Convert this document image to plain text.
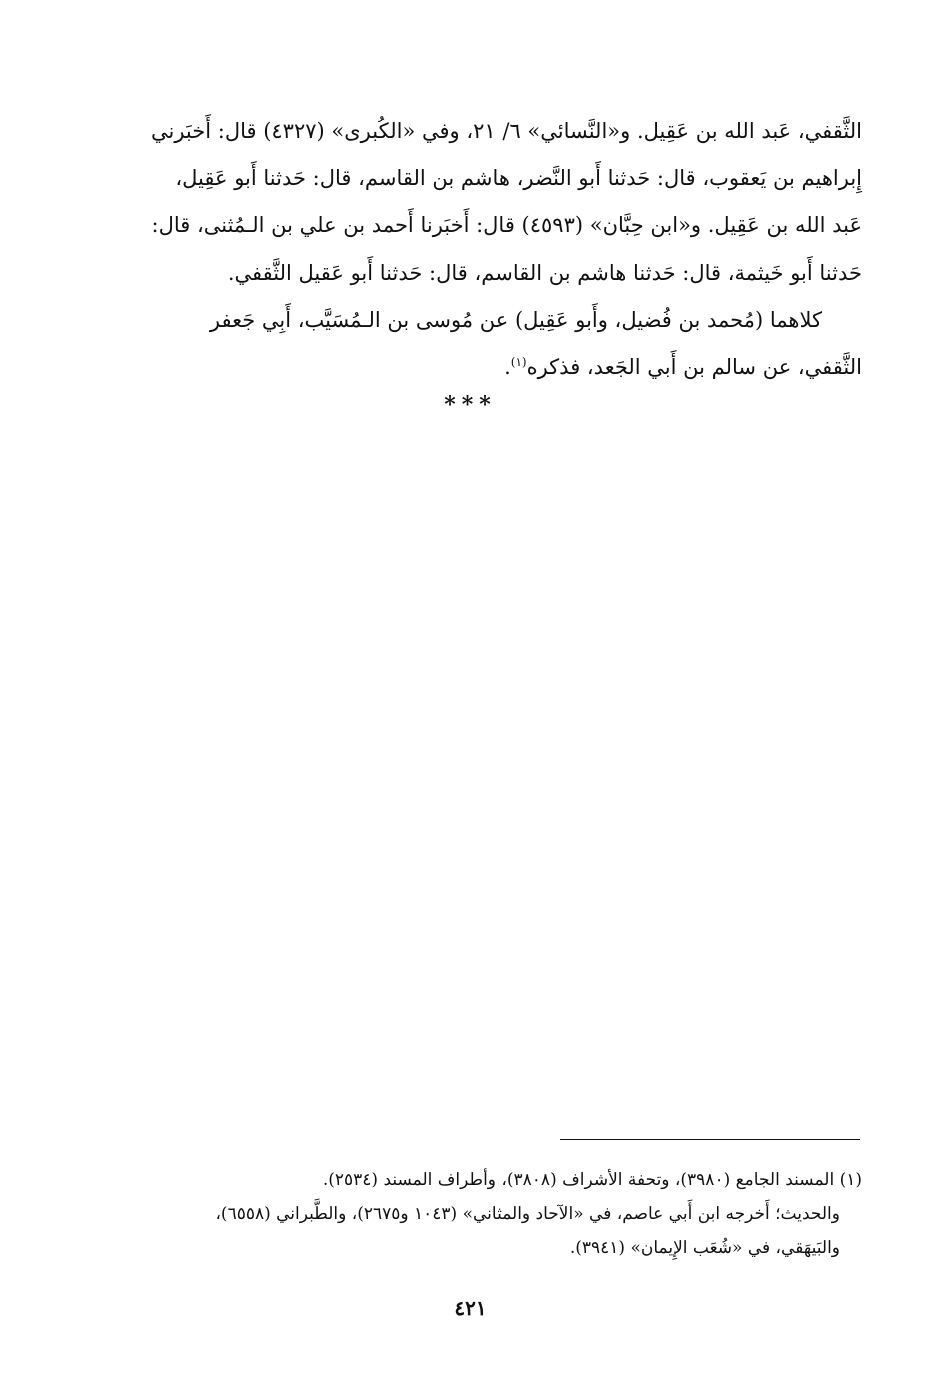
الثَّقفي، عَبد الله بن عَقِيل. و«النَّسائي» ٦/ ٢١، وفي «الكُبرى» (٤٣٢٧) قال: أَخبَرني

إِبراهيم بن يَعقوب، قال: حَدثنا أَبو النَّضر، هاشم بن القاسم، قال: حَدثنا أَبو عَقِيل،

عَبد الله بن عَقِيل. و«ابن حِبَّان» (٤٥٩٣) قال: أَخبَرنا أَحمد بن علي بن الـمُثنى، قال:

حَدثنا أَبو خَيثمة، قال: حَدثنا هاشم بن القاسم، قال: حَدثنا أَبو عَقيل الثَّقفي.

كلاهما (مُحمد بن فُضيل، وأَبو عَقِيل) عن مُوسى بن الـمُسَيَّب، أَبِي جَعفر

الثَّقفي، عن سالم بن أَبي الجَعد، فذكره$^{(١)}$.

***

(١) المسند الجامع (٣٩٨٠)، وتحفة الأشراف (٣٨٠٨)، وأطراف المسند (٢٥٣٤).

والحديث؛ أَخرجه ابن أَبي عاصم، في «الآحاد والمثاني» (١٠٤٣ و٢٦٧٥)، والطَّبراني (٦٥٥٨)،

والبَيهَقي، في «شُعَب الإِيمان» (٣٩٤١).

٤٢١
